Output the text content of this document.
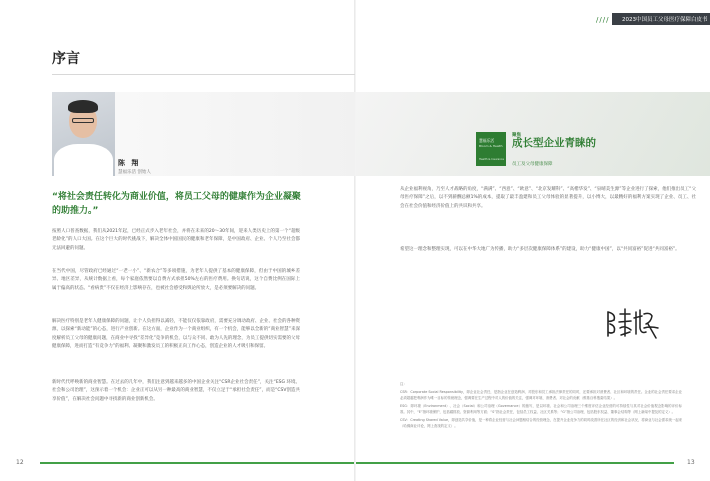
//// 2023中国员工父母医疗保障白皮书
序言
陈 翔
慧福乐活 创始人
“将社会责任转化为商业价值，将员工父母的健康作为企业凝聚的助推力。”

按照人口普查数据，我们从2021年起，已经正式步入老年社会，并将在未来的20～30年间，迎来人类历史上的第一个“超级老龄化”的人口大国。在这个巨大的时代挑战下，解决全体中国国民的健康和老年保障，是中国政府、企业、个人乃至社会都无法回避的问题。

在当代中国，尽管政府已经通过“一老一小”、“新农合”等多项措施，为老年人提供了基本的健康保障，但由于中国的城乡差异、地区差异，从统计数据上看，每个家庭依然要以自费方式承担50%左右的医疗费用。换句话说，这个自费比例在国际上属于偏高的状态。“看病贵”不仅在经济上影响存在，也被社会感受和舆论所放大，是必须要解决的问题。

解决医疗特别是老年人健康保障的问题，让个人负担得以减轻，不能仅仅依靠政府，需要充分调动政府、企业、社会的各种资源，以探索“新动能”的心态，进行产业创新。在这方面，企业作为一个商业组织，有一个机会，能够以全新的“商业智慧”来深度解析员工父母的健康问题，在商业中寻找“差异化”竞争的机会，以与众不同、敢为人先的理念，为员工提供切实需要的父母健康保障，进而打造“有竞争力”的福利、凝聚和激发员工的积极正向工作心态，创造企业的人才吸引和保留。

新时代代呼唤新的商业智慧。在过去的几年中，我们注意到越来越多的中国企业关注“CSR企业社会责任”，关注“ESG 环境、社会和公司治理”，这预示着一个机会：企业正可以从另一种最高的商业智慧，不仅立足于“承担社会责任”，而是“CSV创造共享价值”，在解决社会问题中寻找新的商业创新机会。

慧福乐活
Bloom & Health
Health & Insurance
聚焦
成长型企业青睐的
员工及父母健康保障

从企业福利视角，乃至人才战略的角度，“满满”、“西意”、“欧意”、“北京发耀科”、“高楷华发”、“泉晴美生源”等企业进行了探索，他们推出员工“父母医疗保障”之后，以不到薪酬总额1%的成本，提取了最丰盈建和员工父母体验的显著提升，以小博大，以最精好的福利方案实现了企业、员工、社会在社会价值和经济价值上的共识和共享。

希望这一理念和整理实现，可以在中华大地广为传播，助力“多层次健康保障体系”的建设，助力“健康中国”，以“共同富裕”促进“共同富裕”。

注：

CSR：Corporate Social Responsibility，即企业社会责任，是指企业在创造利润、对股东和员工承担法律责任的同时，还要承担对消费者、社区和环境的责任。企业的社会责任要求企业必须超越把利润作为唯一目标的传统理念，强调要在生产过程中对人的价值的关注，强调对环境、消费者、对社会的贡献（维基百科搜索结果）。

ESG：即环境（Environment）、社会（Social）和公司治理（Governance）的缩写，是以环境、社会和公司治理三个维度评估企业经营的可持续性与其对社会价值观念影响的评价标准。其中，“E”指环境保护，包括碳排放、资源利用等方面；“S”指社会责任，包括员工权益、社区关系等；“G”指公司治理，包括股东权益、董事会结构等（网上新闻中提及的定义）。

CSV：Creating Shared Value，即创造共享价值，是一种将企业经营与社会问题相结合的经营理念，在提升企业竞争力的同时改善所在社区的经济和社会状况，将商业与社会需求统一起来（哈佛商业评论，网上查找的定义）。

12	13
